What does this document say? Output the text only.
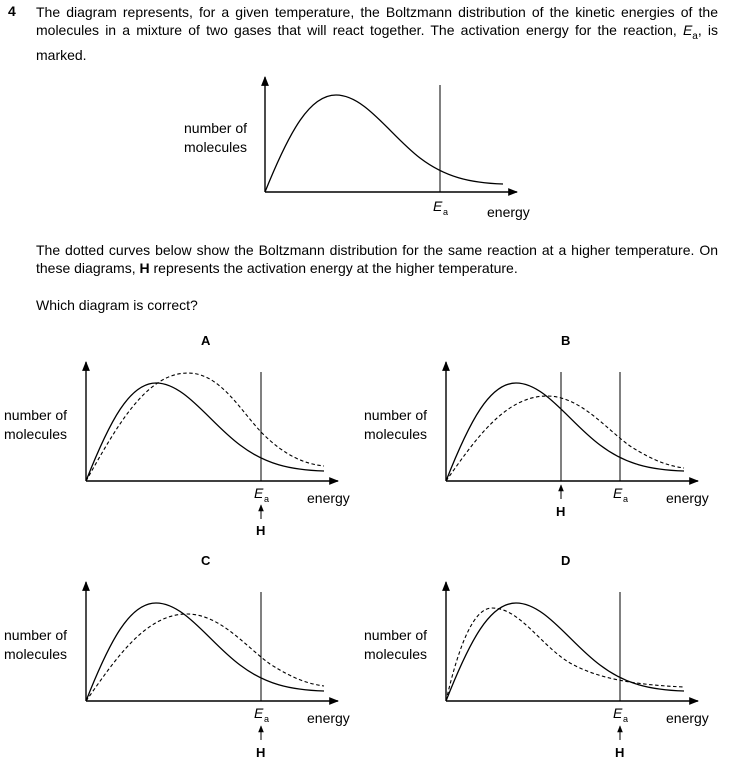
4 The diagram represents, for a given temperature, the Boltzmann distribution of the kinetic energies of the molecules in a mixture of two gases that will react together. The activation energy for the reaction, $E_a$, is marked.

The dotted curves below show the Boltzmann distribution for the same reaction at a higher temperature. On these diagrams, H represents the activation energy at the higher temperature.

Which diagram is correct?

number of
molecules
energy
E a
A
number of
molecules
energy
E a
H
B
number of
molecules
energy
E a
H
C
number of
molecules
energy
E a
H
D
number of
molecules
energy
E a
H
